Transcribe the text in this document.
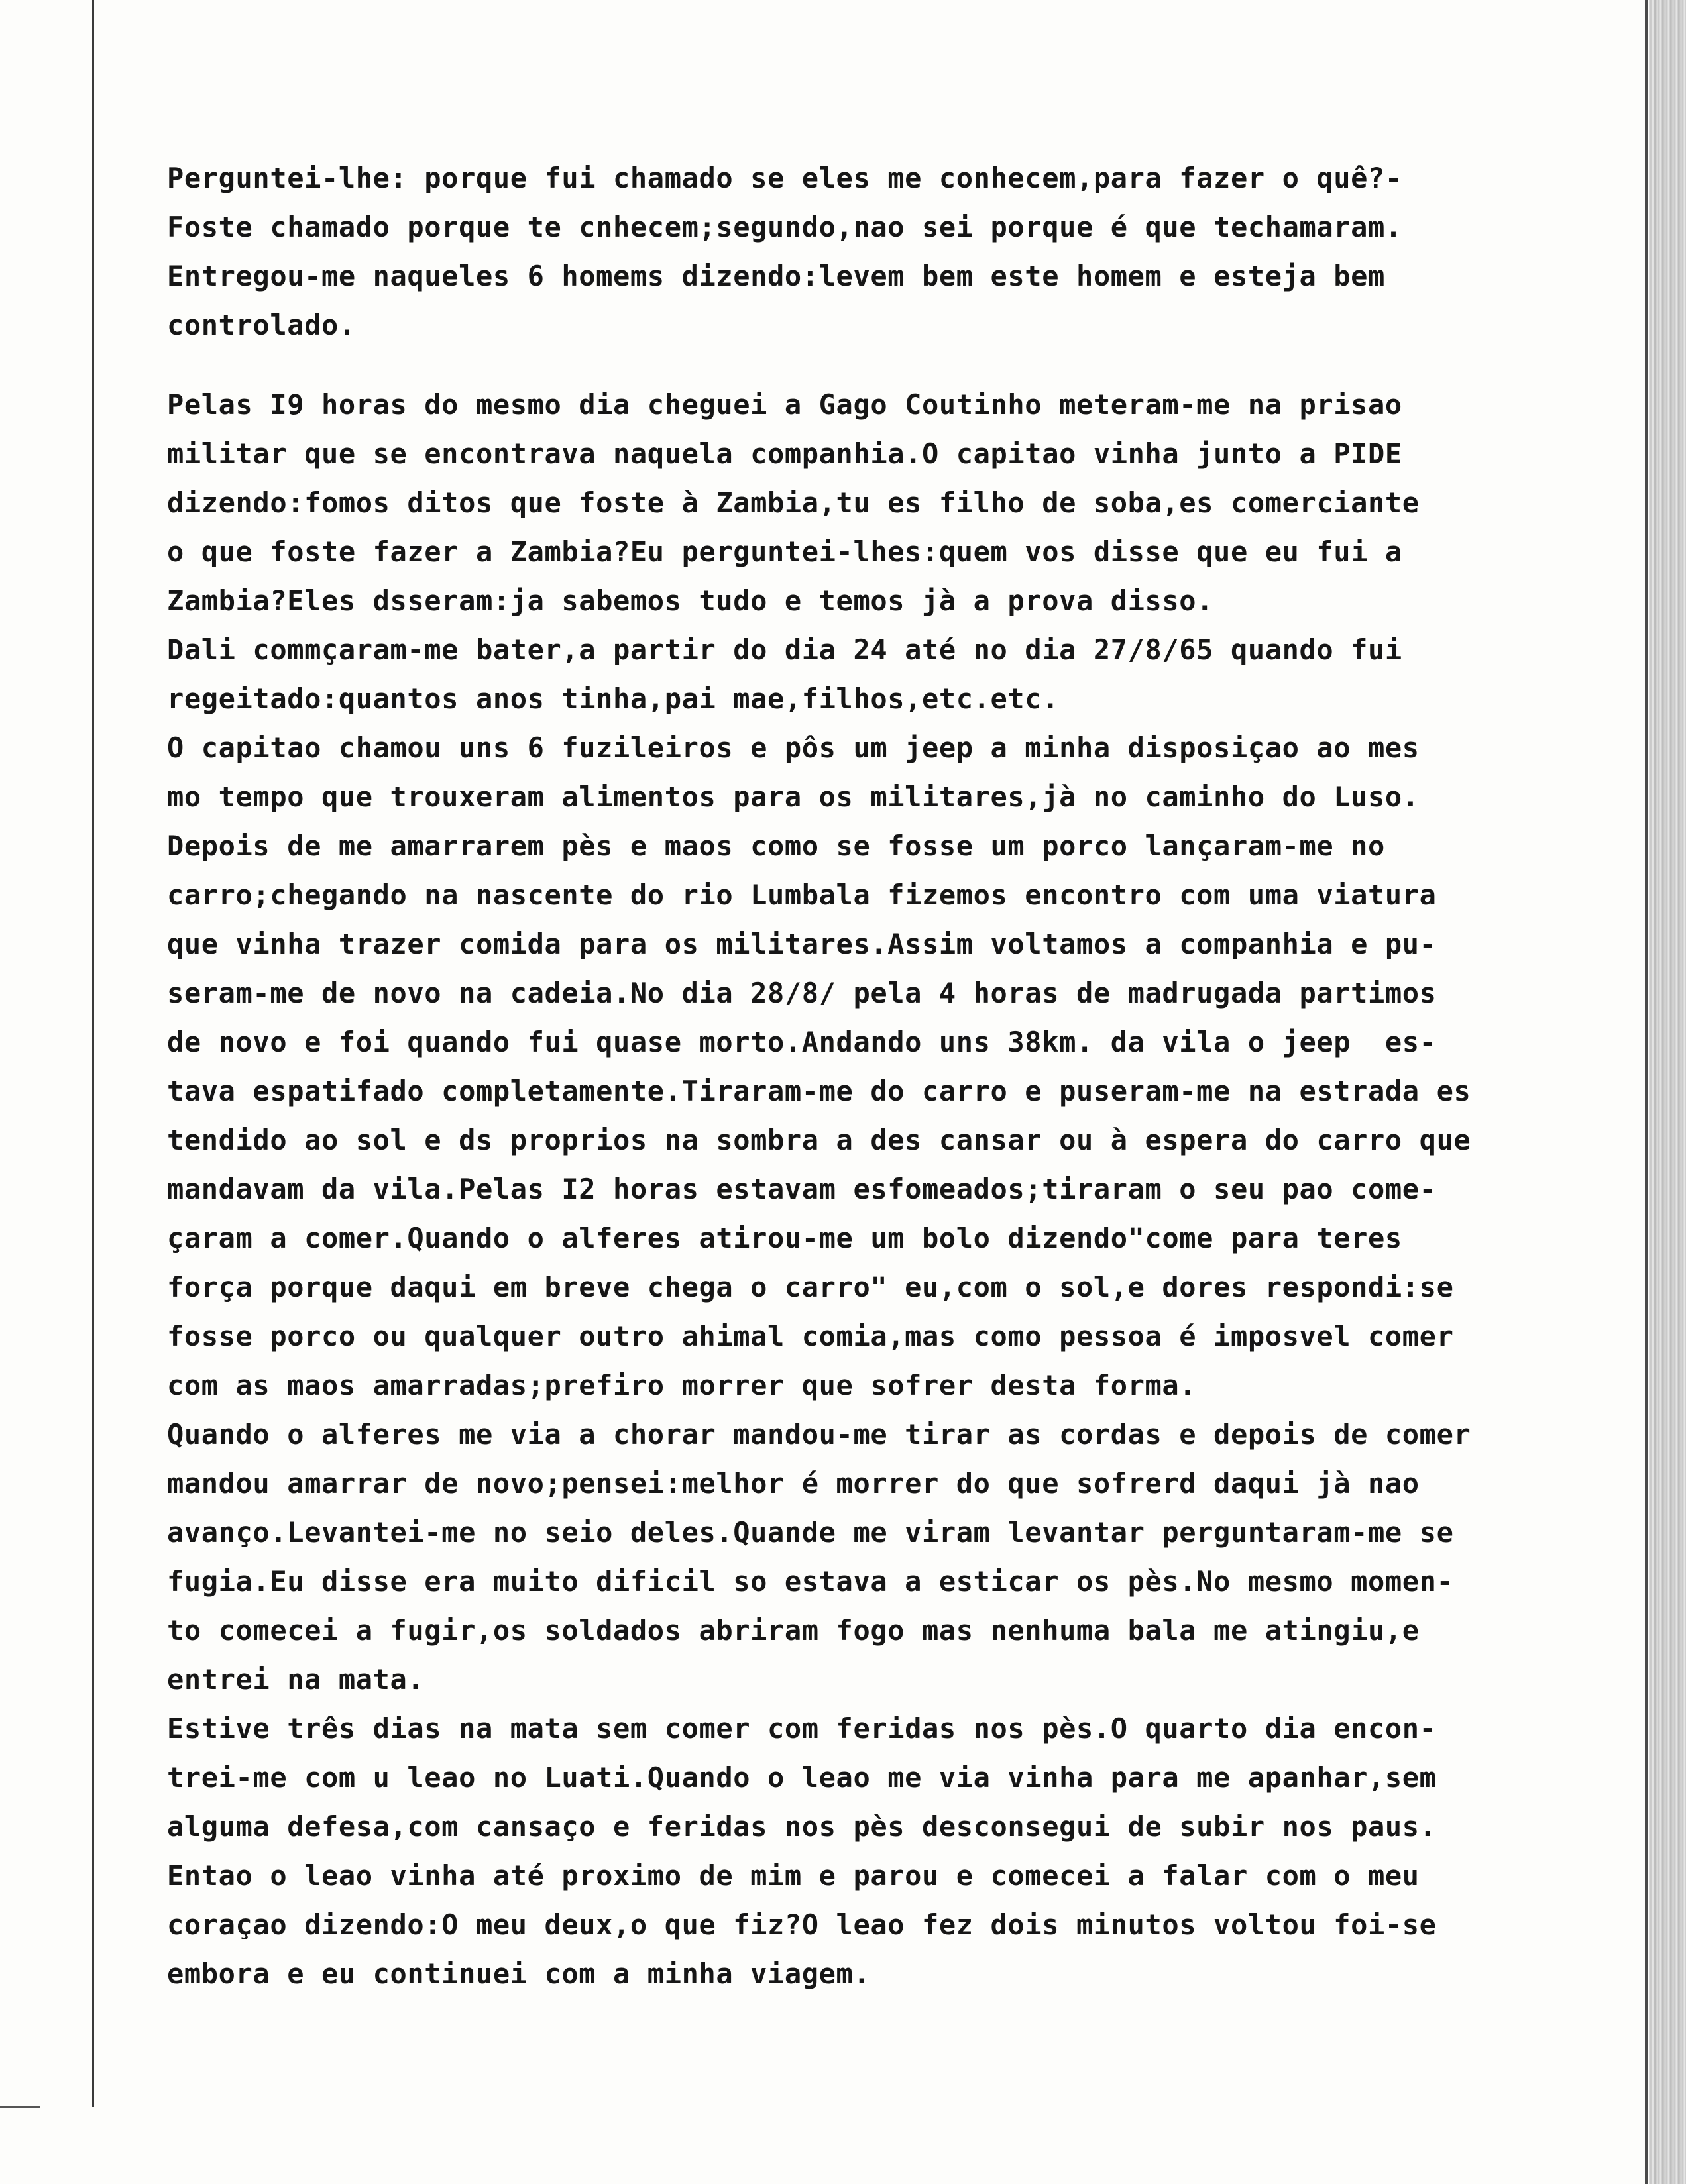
Perguntei-lhe: porque fui chamado se eles me conhecem,para fazer o quê?-
Foste chamado porque te cnhecem;segundo,nao sei porque é que techamaram.
Entregou-me naqueles 6 homems dizendo:levem bem este homem e esteja bem
controlado.
Pelas I9 horas do mesmo dia cheguei a Gago Coutinho meteram-me na prisao
militar que se encontrava naquela companhia.O capitao vinha junto a PIDE
dizendo:fomos ditos que foste à Zambia,tu es filho de soba,es comerciante
o que foste fazer a Zambia?Eu perguntei-lhes:quem vos disse que eu fui a
Zambia?Eles dsseram:ja sabemos tudo e temos jà a prova disso.
Dali commçaram-me bater,a partir do dia 24 até no dia 27/8/65 quando fui
regeitado:quantos anos tinha,pai mae,filhos,etc.etc.
O capitao chamou uns 6 fuzileiros e pôs um jeep a minha disposiçao ao mes
mo tempo que trouxeram alimentos para os militares,jà no caminho do Luso.
Depois de me amarrarem pès e maos como se fosse um porco lançaram-me no
carro;chegando na nascente do rio Lumbala fizemos encontro com uma viatura
que vinha trazer comida para os militares.Assim voltamos a companhia e pu-
seram-me de novo na cadeia.No dia 28/8/ pela 4 horas de madrugada partimos
de novo e foi quando fui quase morto.Andando uns 38km. da vila o jeep  es-
tava espatifado completamente.Tiraram-me do carro e puseram-me na estrada es
tendido ao sol e ds proprios na sombra a des cansar ou à espera do carro que
mandavam da vila.Pelas I2 horas estavam esfomeados;tiraram o seu pao come-
çaram a comer.Quando o alferes atirou-me um bolo dizendo"come para teres
força porque daqui em breve chega o carro" eu,com o sol,e dores respondi:se
fosse porco ou qualquer outro ahimal comia,mas como pessoa é imposvel comer
com as maos amarradas;prefiro morrer que sofrer desta forma.
Quando o alferes me via a chorar mandou-me tirar as cordas e depois de comer
mandou amarrar de novo;pensei:melhor é morrer do que sofrerd daqui jà nao
avanço.Levantei-me no seio deles.Quande me viram levantar perguntaram-me se
fugia.Eu disse era muito dificil so estava a esticar os pès.No mesmo momen-
to comecei a fugir,os soldados abriram fogo mas nenhuma bala me atingiu,e
entrei na mata.
Estive três dias na mata sem comer com feridas nos pès.O quarto dia encon-
trei-me com u leao no Luati.Quando o leao me via vinha para me apanhar,sem
alguma defesa,com cansaço e feridas nos pès desconsegui de subir nos paus.
Entao o leao vinha até proximo de mim e parou e comecei a falar com o meu
coraçao dizendo:O meu deux,o que fiz?O leao fez dois minutos voltou foi-se
embora e eu continuei com a minha viagem.
